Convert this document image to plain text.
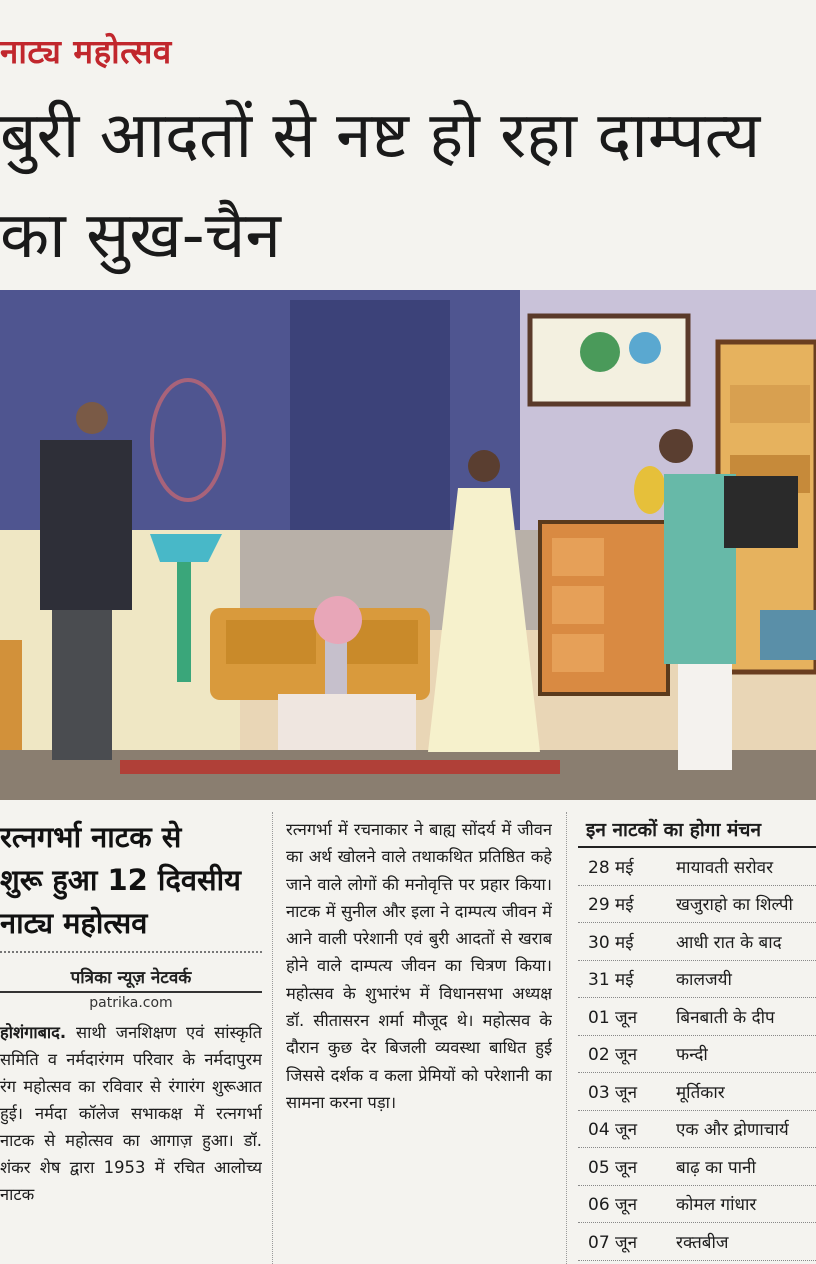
नाट्य महोत्सव
बुरी आदतों से नष्ट हो रहा दाम्पत्य
का सुख-चैन
रत्नगर्भा नाटक से
शुरू हुआ 12 दिवसीय
नाट्य महोत्सव
पत्रिका न्यूज़ नेटवर्क
patrika.com

होशंगाबाद. साथी जनशिक्षण एवं सांस्कृति समिति व नर्मदारंगम परिवार के नर्मदापुरम रंग महोत्सव का रविवार से रंगारंग शुरूआत हुई। नर्मदा कॉलेज सभाकक्ष में रत्नगर्भा नाटक से महोत्सव का आगाज़ हुआ। डॉ. शंकर शेष द्वारा 1953 में रचित आलोच्य नाटक

रत्नगर्भा में रचनाकार ने बाह्य सोंदर्य में जीवन का अर्थ खोलने वाले तथाकथित प्रतिष्ठित कहे जाने वाले लोगों की मनोवृत्ति पर प्रहार किया। नाटक में सुनील और इला ने दाम्पत्य जीवन में आने वाली परेशानी एवं बुरी आदतों से खराब होने वाले दाम्पत्य जीवन का चित्रण किया। महोत्सव के शुभारंभ में विधानसभा अध्यक्ष डॉ. सीतासरन शर्मा मौजूद थे। महोत्सव के दौरान कुछ देर बिजली व्यवस्था बाधित हुई जिससे दर्शक व कला प्रेमियों को परेशानी का सामना करना पड़ा।

इन नाटकों का होगा मंचन
28 मई	मायावती सरोवर
29 मई	खजुराहो का शिल्पी
30 मई	आधी रात के बाद
31 मई	कालजयी
01 जून	बिनबाती के दीप
02 जून	फन्दी
03 जून	मूर्तिकार
04 जून	एक और द्रोणाचार्य
05 जून	बाढ़ का पानी
06 जून	कोमल गांधार
07 जून	रक्तबीज
